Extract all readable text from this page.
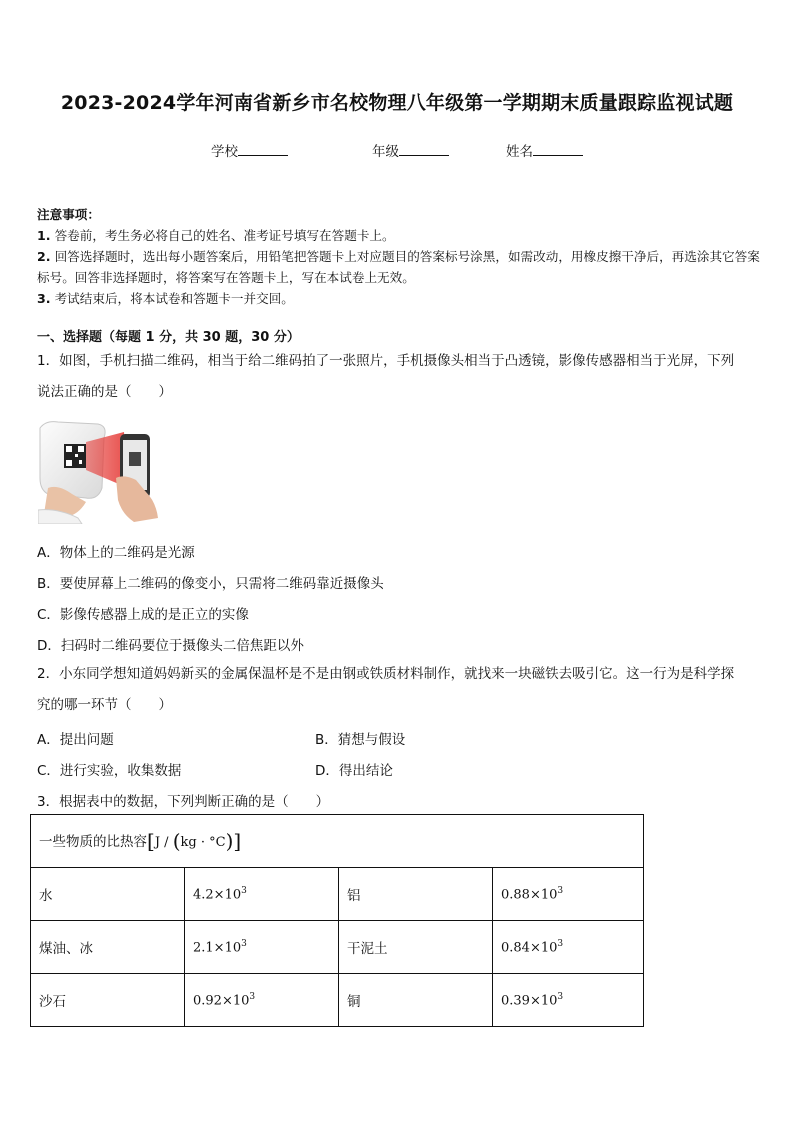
2023-2024学年河南省新乡市名校物理八年级第一学期期末质量跟踪监视试题
学校	年级	姓名
注意事项：
1. 答卷前，考生务必将自己的姓名、准考证号填写在答题卡上。
2. 回答选择题时，选出每小题答案后，用铅笔把答题卡上对应题目的答案标号涂黑，如需改动，用橡皮擦干净后，再选涂其它答案标号。回答非选择题时，将答案写在答题卡上，写在本试卷上无效。
3. 考试结束后，将本试卷和答题卡一并交回。
一、选择题（每题 1 分，共 30 题，30 分）
1．如图，手机扫描二维码，相当于给二维码拍了一张照片，手机摄像头相当于凸透镜，影像传感器相当于光屏，下列
说法正确的是（　　）
A．物体上的二维码是光源
B．要使屏幕上二维码的像变小，只需将二维码靠近摄像头
C．影像传感器上成的是正立的实像
D．扫码时二维码要位于摄像头二倍焦距以外
2．小东同学想知道妈妈新买的金属保温杯是不是由钢或铁质材料制作，就找来一块磁铁去吸引它。这一行为是科学探
究的哪一环节（　　）
A．提出问题	B．猜想与假设
C．进行实验，收集数据	D．得出结论
3．根据表中的数据，下列判断正确的是（　　）
一些物质的比热容[J / (kg · °C)]			
水	$4.2\times 10^3$	铝	$0.88\times 10^3$
煤油、冰	$2.1\times 10^3$	干泥土	$0.84\times 10^3$
沙石	$0.92\times 10^3$	铜	$0.39\times 10^3$
